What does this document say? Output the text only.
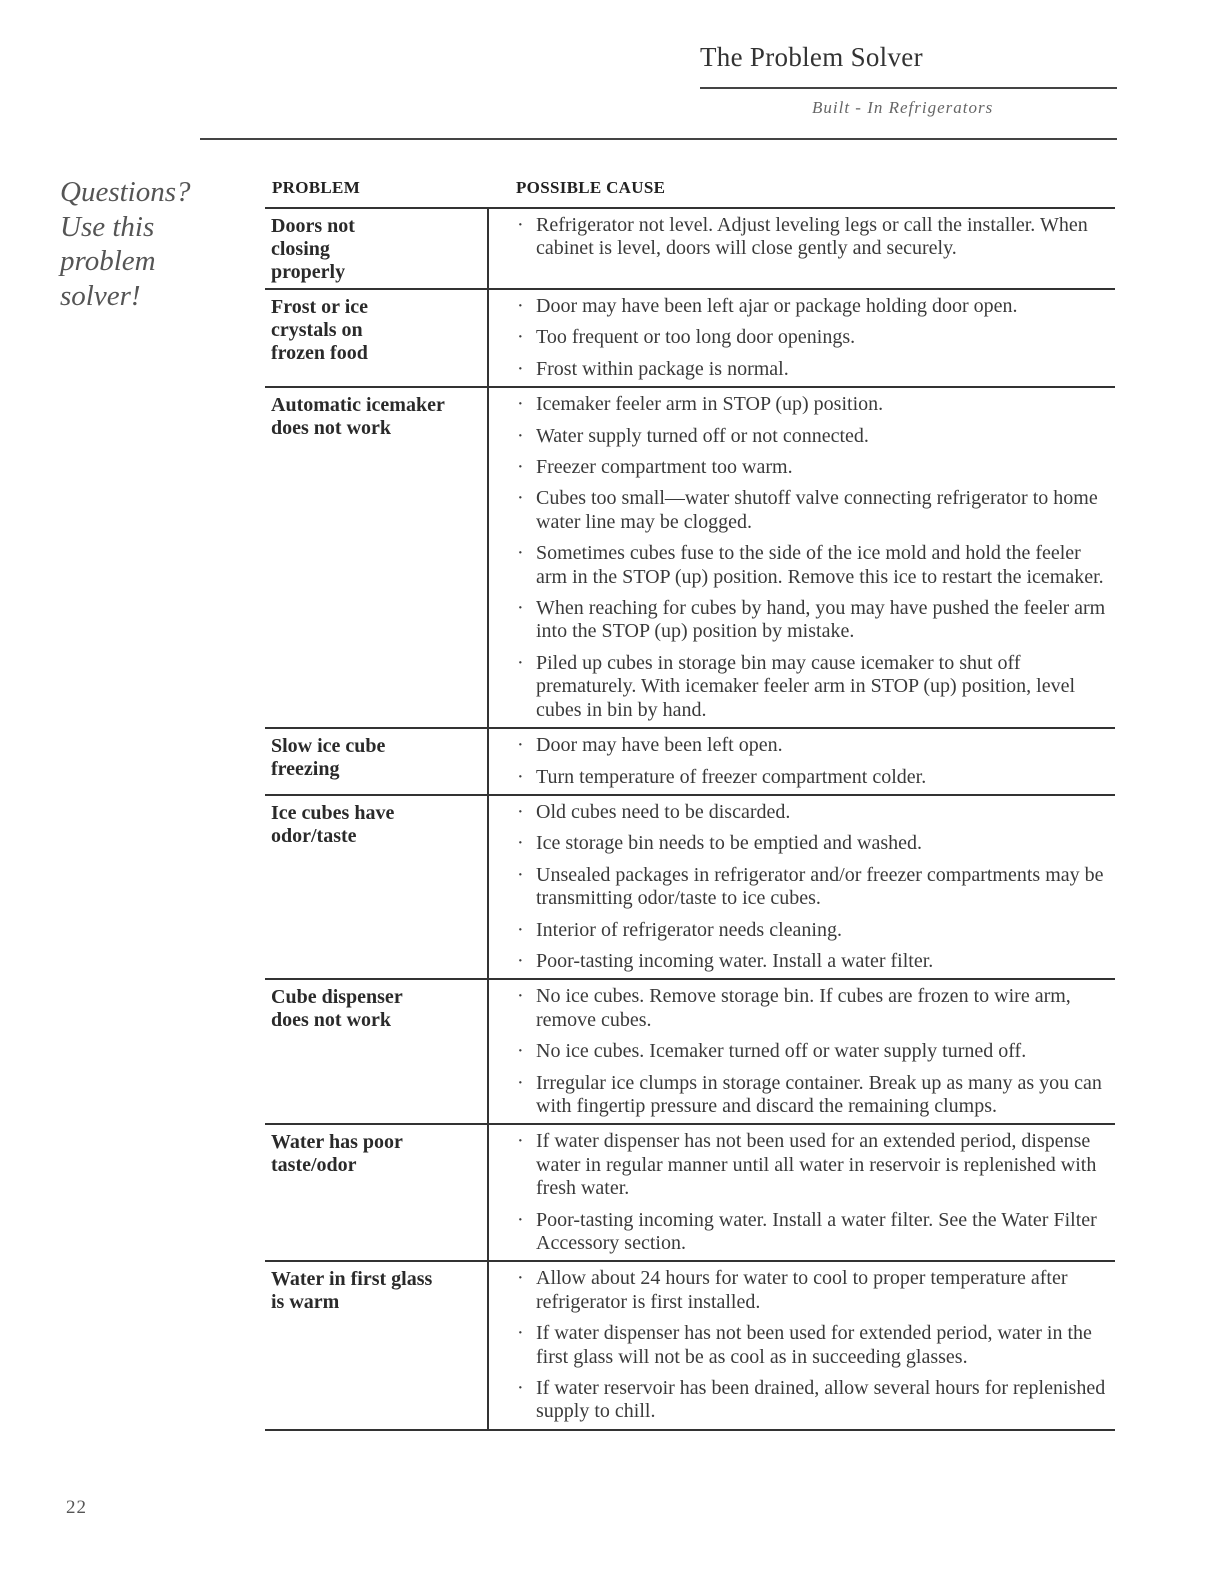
The Problem Solver
Built - In Refrigerators
Questions?
Use this
problem
solver!
PROBLEM	POSSIBLE CAUSE
Doors not
closing
properly
· Refrigerator not level. Adjust leveling legs or call the installer. When cabinet is level, doors will close gently and securely.
Frost or ice
crystals on
frozen food
· Door may have been left ajar or package holding door open.
· Too frequent or too long door openings.
· Frost within package is normal.
Automatic icemaker
does not work
· Icemaker feeler arm in STOP (up) position.
· Water supply turned off or not connected.
· Freezer compartment too warm.
· Cubes too small—water shutoff valve connecting refrigerator to home water line may be clogged.
· Sometimes cubes fuse to the side of the ice mold and hold the feeler arm in the STOP (up) position. Remove this ice to restart the icemaker.
· When reaching for cubes by hand, you may have pushed the feeler arm into the STOP (up) position by mistake.
· Piled up cubes in storage bin may cause icemaker to shut off prematurely. With icemaker feeler arm in STOP (up) position, level cubes in bin by hand.
Slow ice cube
freezing
· Door may have been left open.
· Turn temperature of freezer compartment colder.
Ice cubes have
odor/taste
· Old cubes need to be discarded.
· Ice storage bin needs to be emptied and washed.
· Unsealed packages in refrigerator and/or freezer compartments may be transmitting odor/taste to ice cubes.
· Interior of refrigerator needs cleaning.
· Poor-tasting incoming water. Install a water filter.
Cube dispenser
does not work
· No ice cubes. Remove storage bin. If cubes are frozen to wire arm, remove cubes.
· No ice cubes. Icemaker turned off or water supply turned off.
· Irregular ice clumps in storage container. Break up as many as you can with fingertip pressure and discard the remaining clumps.
Water has poor
taste/odor
· If water dispenser has not been used for an extended period, dispense water in regular manner until all water in reservoir is replenished with fresh water.
· Poor-tasting incoming water. Install a water filter. See the Water Filter Accessory section.
Water in first glass
is warm
· Allow about 24 hours for water to cool to proper temperature after refrigerator is first installed.
· If water dispenser has not been used for extended period, water in the first glass will not be as cool as in succeeding glasses.
· If water reservoir has been drained, allow several hours for replenished supply to chill.
22
